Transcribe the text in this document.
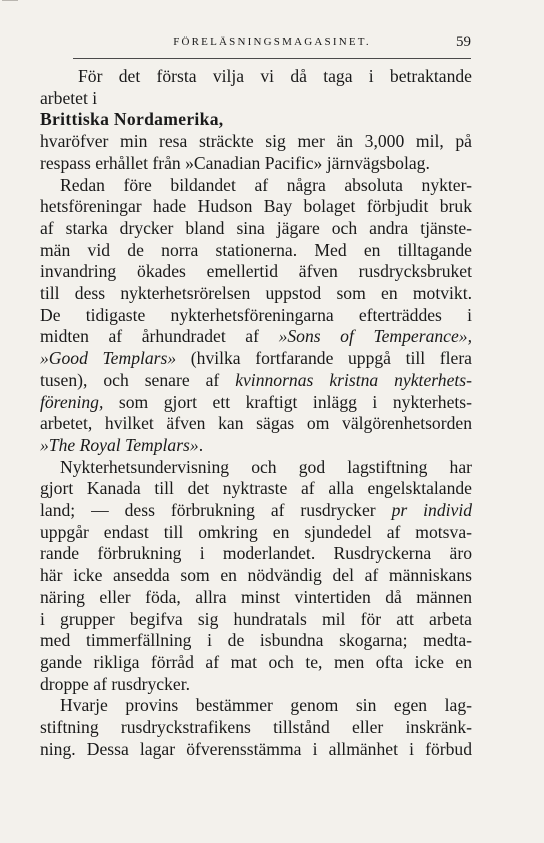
FÖRELÄSNINGSMAGASINET.	59

För det första vilja vi då taga i betraktande

arbetet i

Brittiska Nordamerika,

hvaröfver min resa sträckte sig mer än 3,000 mil, på
respass erhållet från »Canadian Pacific» järnvägsbolag.

Redan före bildandet af några absoluta nykter-
hetsföreningar hade Hudson Bay bolaget förbjudit bruk
af starka drycker bland sina jägare och andra tjänste-
män vid de norra stationerna. Med en tilltagande
invandring ökades emellertid äfven rusdrycksbruket
till dess nykterhetsrörelsen uppstod som en motvikt.
De tidigaste nykterhetsföreningarna efterträddes i
midten af århundradet af »Sons of Temperance»,
»Good Templars» (hvilka fortfarande uppgå till flera
tusen), och senare af kvinnornas kristna nykterhets-
förening, som gjort ett kraftigt inlägg i nykterhets-
arbetet, hvilket äfven kan sägas om välgörenhetsorden
»The Royal Templars».

Nykterhetsundervisning och god lagstiftning har
gjort Kanada till det nyktraste af alla engelsktalande
land; — dess förbrukning af rusdrycker pr individ
uppgår endast till omkring en sjundedel af motsva-
rande förbrukning i moderlandet. Rusdryckerna äro
här icke ansedda som en nödvändig del af människans
näring eller föda, allra minst vintertiden då männen
i grupper begifva sig hundratals mil för att arbeta
med timmerfällning i de isbundna skogarna; medta-
gande rikliga förråd af mat och te, men ofta icke en
droppe af rusdrycker.

Hvarje provins bestämmer genom sin egen lag-
stiftning rusdryckstrafikens tillstånd eller inskränk-
ning. Dessa lagar öfverensstämma i allmänhet i förbud
